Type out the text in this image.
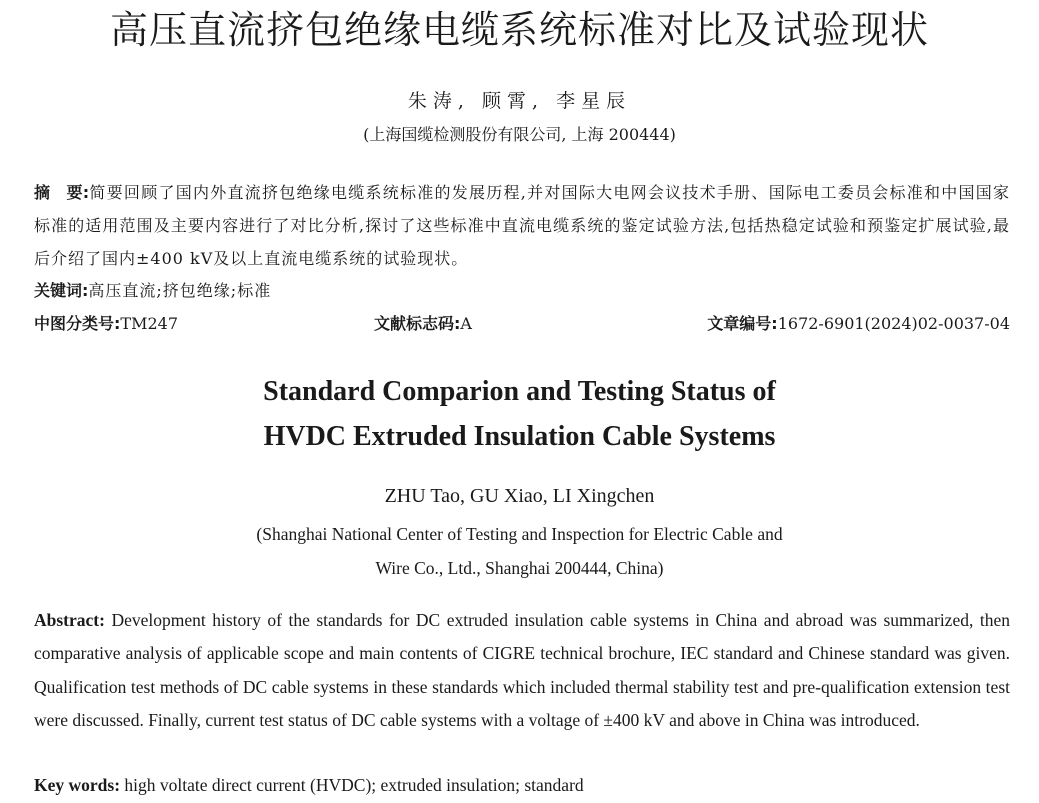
高压直流挤包绝缘电缆系统标准对比及试验现状
朱涛, 顾霄, 李星辰
(上海国缆检测股份有限公司, 上海 200444)
摘　要:简要回顾了国内外直流挤包绝缘电缆系统标准的发展历程,并对国际大电网会议技术手册、国际电工委员会标准和中国国家标准的适用范围及主要内容进行了对比分析,探讨了这些标准中直流电缆系统的鉴定试验方法,包括热稳定试验和预鉴定扩展试验,最后介绍了国内±400 kV及以上直流电缆系统的试验现状。
关键词:高压直流;挤包绝缘;标准
中图分类号:TM247	文献标志码:A	文章编号:1672-6901(2024)02-0037-04
Standard Comparion and Testing Status of
HVDC Extruded Insulation Cable Systems
ZHU Tao, GU Xiao, LI Xingchen
(Shanghai National Center of Testing and Inspection for Electric Cable and
Wire Co., Ltd., Shanghai 200444, China)
Abstract: Development history of the standards for DC extruded insulation cable systems in China and abroad was summarized, then comparative analysis of applicable scope and main contents of CIGRE technical brochure, IEC standard and Chinese standard was given. Qualification test methods of DC cable systems in these standards which included thermal stability test and pre-qualification extension test were discussed. Finally, current test status of DC cable systems with a voltage of ±400 kV and above in China was introduced.
Key words: high voltate direct current (HVDC); extruded insulation; standard
